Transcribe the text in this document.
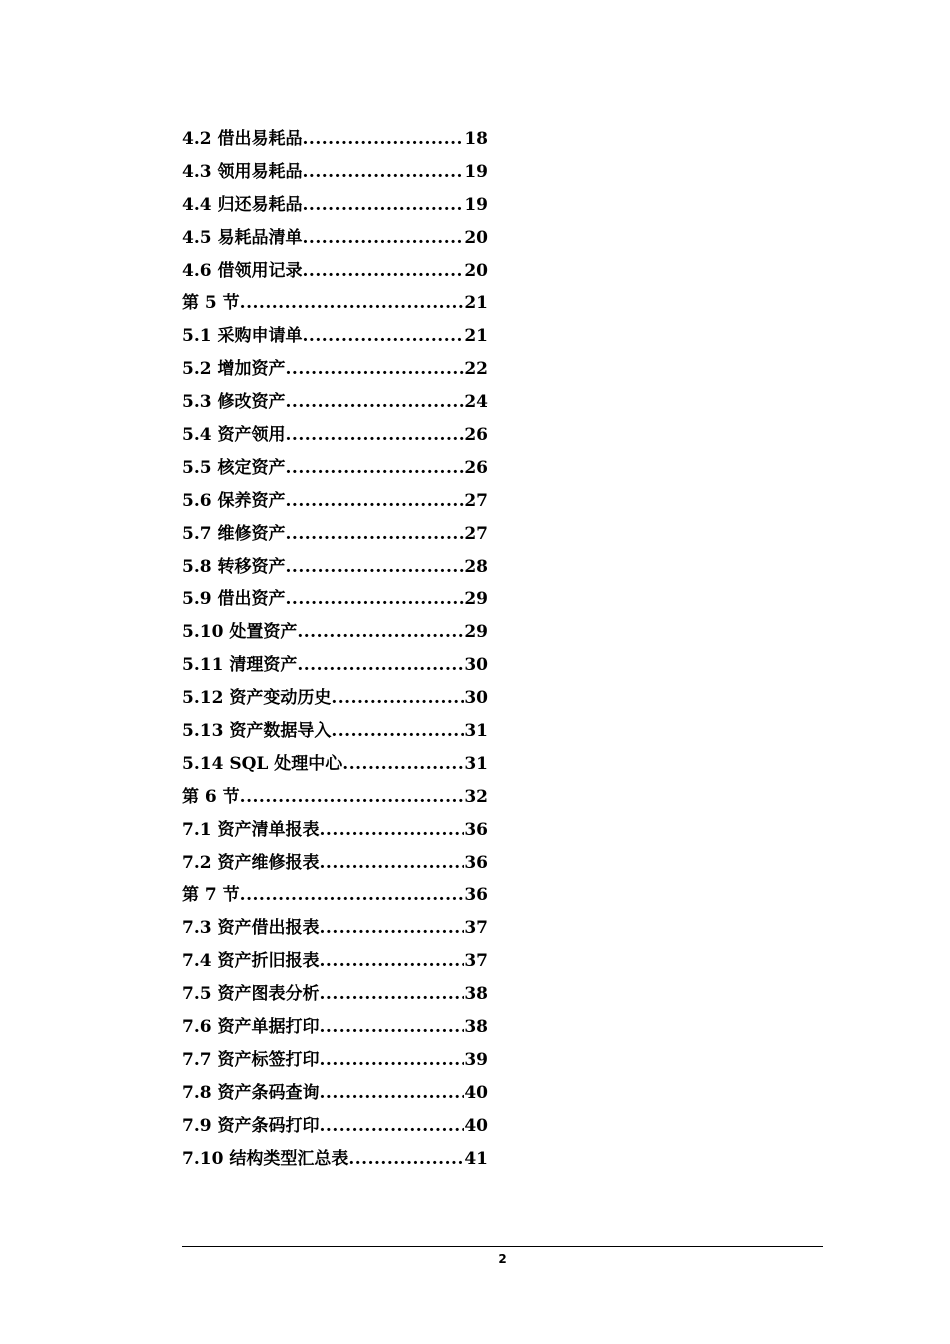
4.2 借出易耗品 .....	18
4.3 领用易耗品 .....	19
4.4 归还易耗品 .....	19
4.5 易耗品清单 .....	20
4.6 借领用记录 .....	20
第 5 节 .....	21
5.1 采购申请单 .....	21
5.2 增加资产 .....	22
5.3 修改资产 .....	24
5.4 资产领用 .....	26
5.5 核定资产 .....	26
5.6 保养资产 .....	27
5.7 维修资产 .....	27
5.8 转移资产 .....	28
5.9 借出资产 .....	29
5.10 处置资产 .....	29
5.11 清理资产 .....	30
5.12 资产变动历史 .....	30
5.13 资产数据导入 .....	31
5.14 SQL 处理中心 .....	31
第 6 节 .....	32
7.1 资产清单报表 .....	36
7.2 资产维修报表 .....	36
第 7 节 .....	36
7.3 资产借出报表 .....	37
7.4 资产折旧报表 .....	37
7.5 资产图表分析 .....	38
7.6 资产单据打印 .....	38
7.7 资产标签打印 .....	39
7.8 资产条码查询 .....	40
7.9 资产条码打印 .....	40
7.10 结构类型汇总表 .....	41
2
